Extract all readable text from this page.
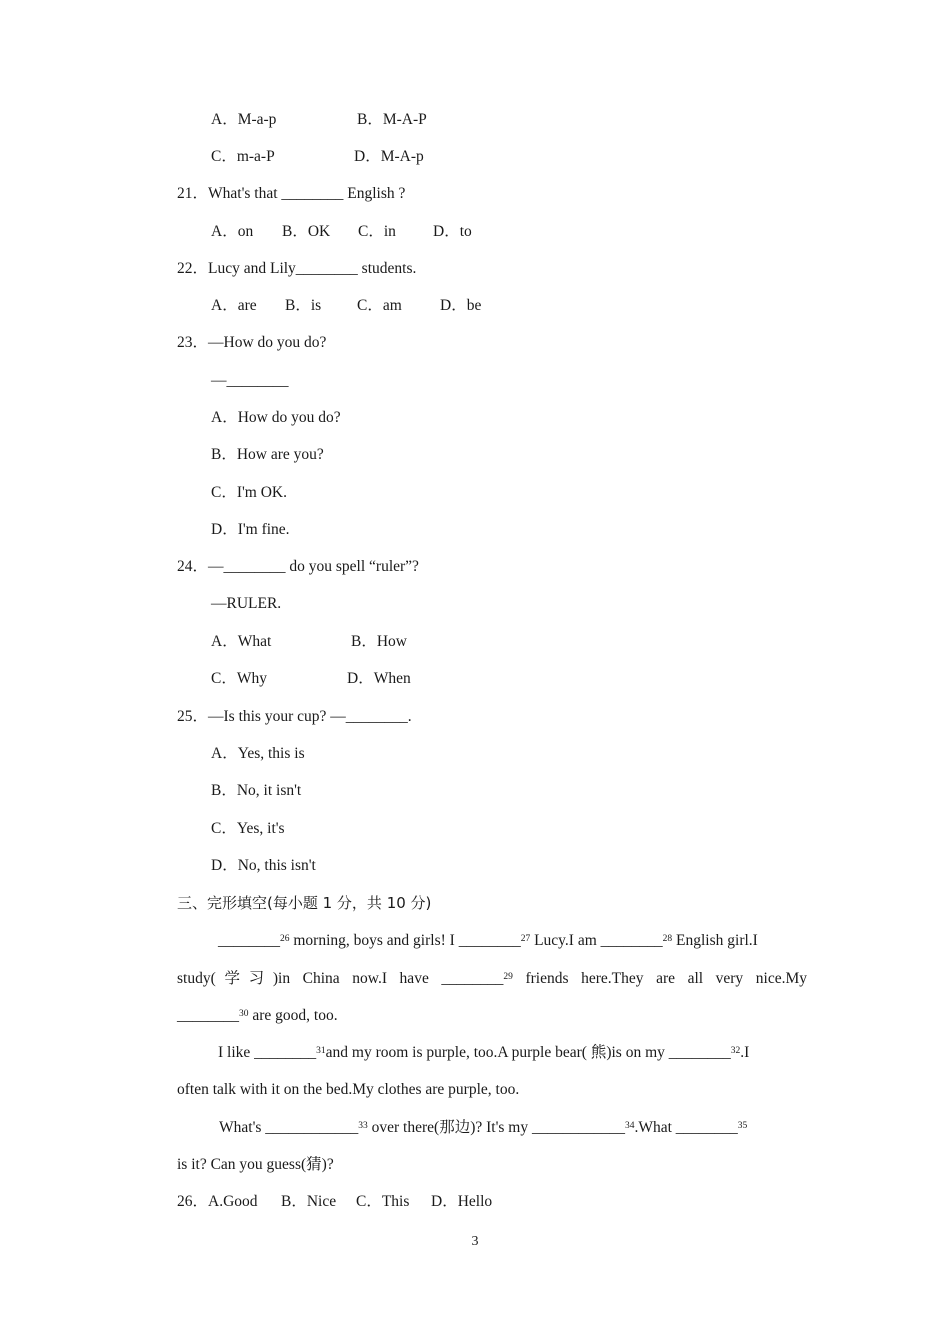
A．M-a-p	B．M-A-P
C．m-a-P	D．M-A-p
21．What's that ________ English ?
A．on B．OK C．in D．to
22．Lucy and Lily________ students.
A．are B．is C．am D．be
23．—How do you do?
—________
A．How do you do?
B．How are you?
C．I'm OK.
D．I'm fine.
24．—________ do you spell “ruler”?
—RULER.
A．What	B．How
C．Why	D．When
25．—Is this your cup? —________.
A．Yes, this is
B．No, it isn't
C．Yes, it's
D．No, this isn't
三、完形填空(每小题 1 分，共 10 分)
________$^{26}$ morning, boys and girls! I ________$^{27}$ Lucy.I am ________$^{28}$ English girl.I
study(学习)in China now.I have ________$^{29}$ friends here.They are all very nice.My
________$^{30}$ are good, too.
I like ________$^{31}$and my room is purple, too.A purple bear( 熊)is on my ________$^{32}$.I
often talk with it on the bed.My clothes are purple, too.
What's ____________$^{33}$ over there(那边)? It's my ____________$^{34}$.What ________$^{35}$
is it? Can you guess(猜)?
26．A.Good B．Nice C．This D．Hello
3
